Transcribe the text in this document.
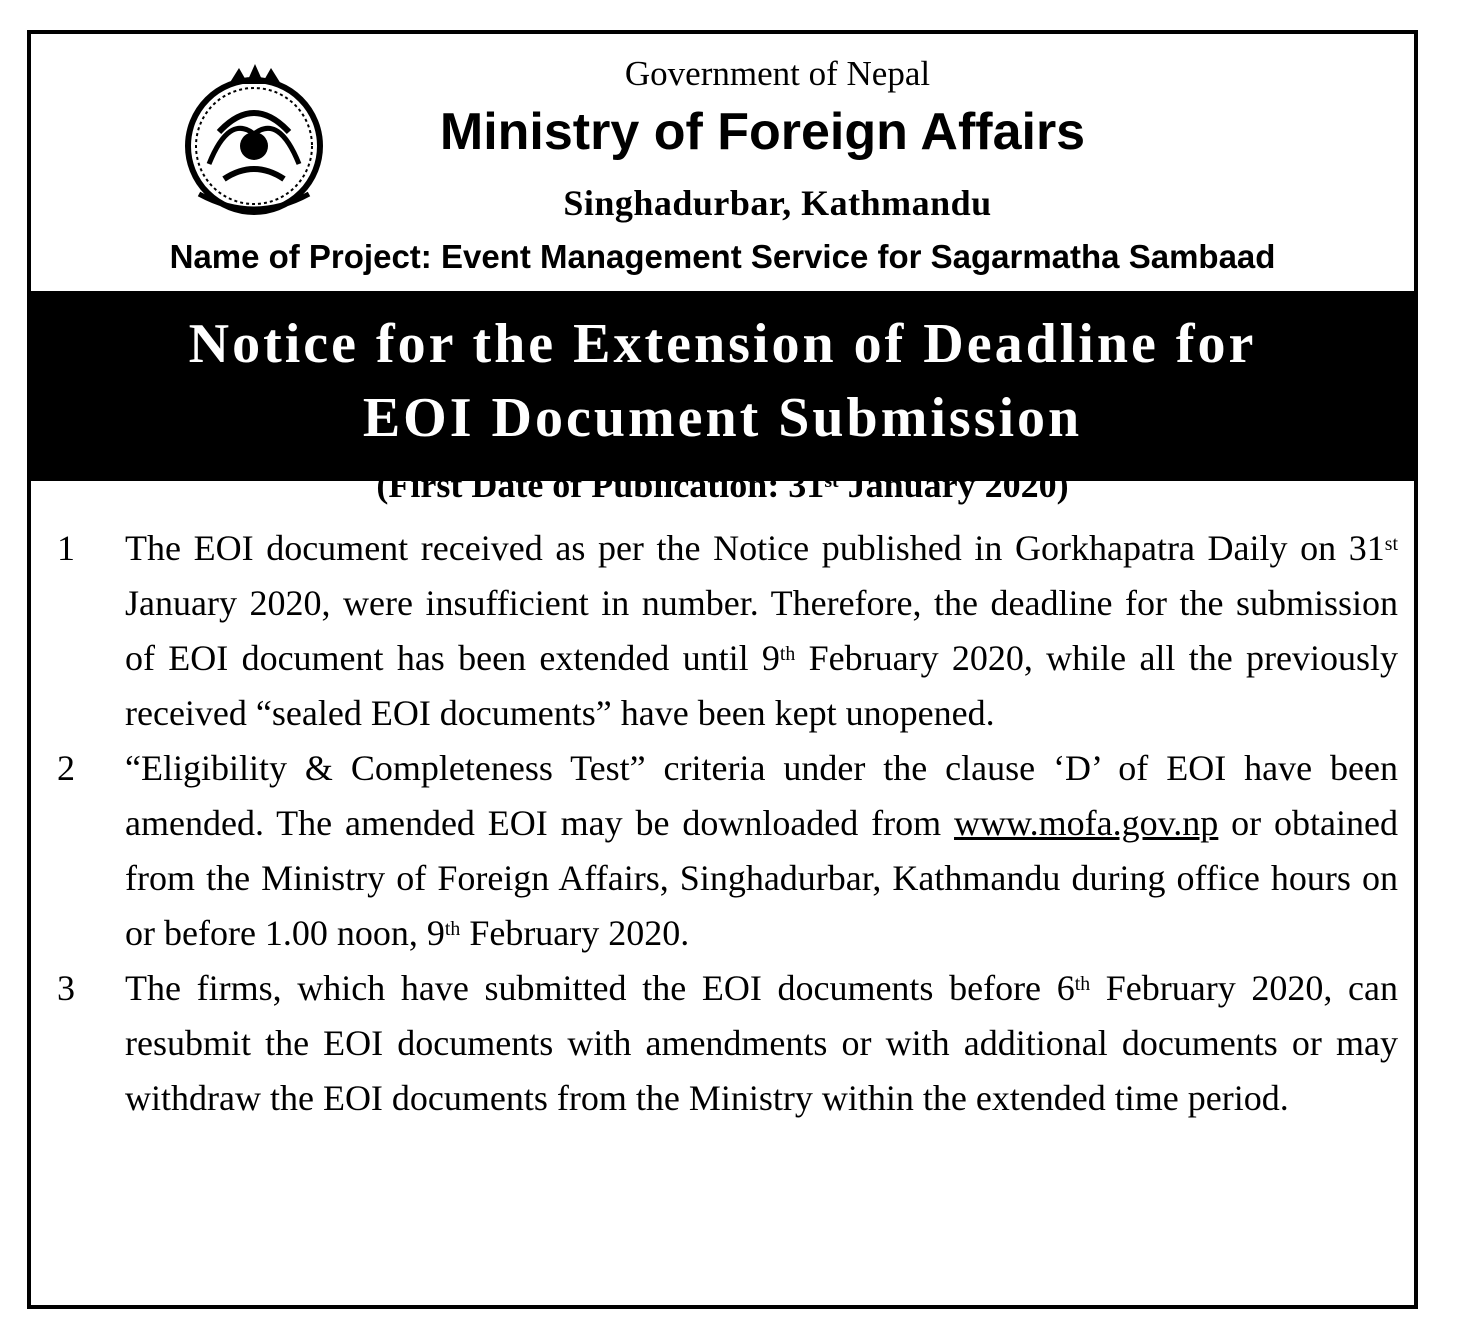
Government of Nepal
Ministry of Foreign Affairs
Singhadurbar, Kathmandu
Name of Project: Event Management Service for Sagarmatha Sambaad
Notice for the Extension of Deadline for
EOI Document Submission
(First Date of Publication: 31st January 2020)
1 The EOI document received as per the Notice published in Gorkhapatra Daily on 31st January 2020, were insufficient in number. Therefore, the deadline for the submission of EOI document has been extended until 9th February 2020, while all the previously received “sealed EOI documents” have been kept unopened.
2 “Eligibility & Completeness Test” criteria under the clause ‘D’ of EOI have been amended. The amended EOI may be downloaded from www.mofa.gov.np or obtained from the Ministry of Foreign Affairs, Singhadurbar, Kathmandu during office hours on or before 1.00 noon, 9th February 2020.
3 The firms, which have submitted the EOI documents before 6th February 2020, can resubmit the EOI documents with amendments or with additional documents or may withdraw the EOI documents from the Ministry within the extended time period.
